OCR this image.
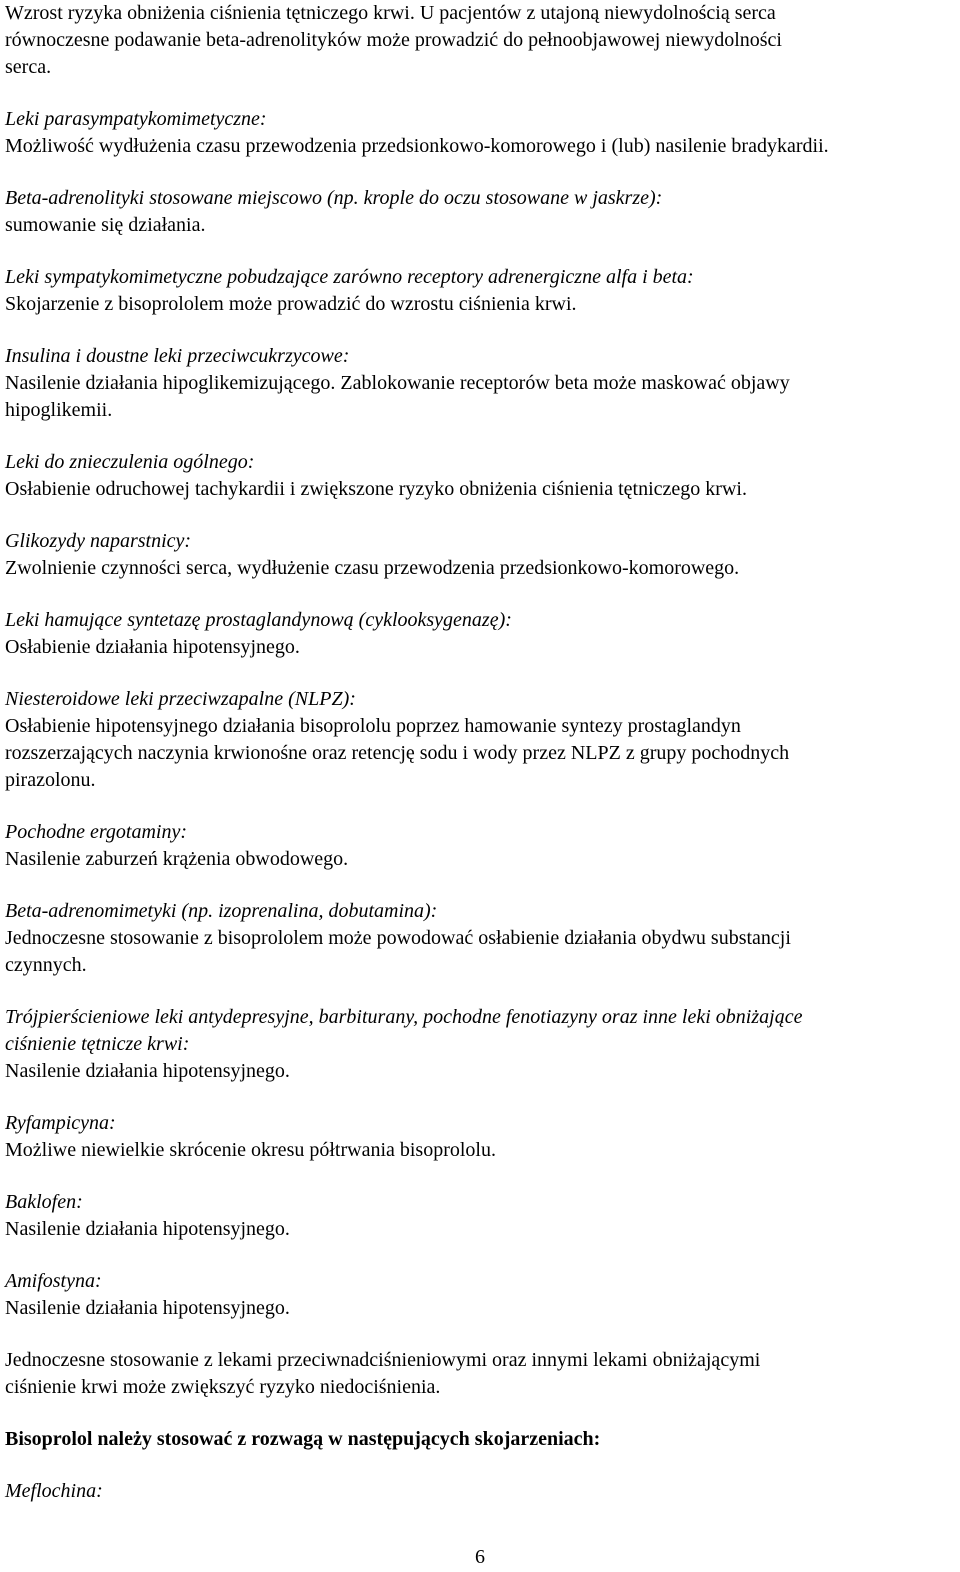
Wzrost ryzyka obniżenia ciśnienia tętniczego krwi. U pacjentów z utajoną niewydolnością serca

równoczesne podawanie beta-adrenolityków może prowadzić do pełnoobjawowej niewydolności

serca.

Leki parasympatykomimetyczne:

Możliwość wydłużenia czasu przewodzenia przedsionkowo-komorowego i (lub) nasilenie bradykardii.

Beta-adrenolityki stosowane miejscowo (np. krople do oczu stosowane w jaskrze):

sumowanie się działania.

Leki sympatykomimetyczne pobudzające zarówno receptory adrenergiczne alfa i beta:

Skojarzenie z bisoprololem może prowadzić do wzrostu ciśnienia krwi.

Insulina i doustne leki przeciwcukrzycowe:

Nasilenie działania hipoglikemizującego. Zablokowanie receptorów beta może maskować objawy

hipoglikemii.

Leki do znieczulenia ogólnego:

Osłabienie odruchowej tachykardii i zwiększone ryzyko obniżenia ciśnienia tętniczego krwi.

Glikozydy naparstnicy:

Zwolnienie czynności serca, wydłużenie czasu przewodzenia przedsionkowo-komorowego.

Leki hamujące syntetazę prostaglandynową (cyklooksygenazę):

Osłabienie działania hipotensyjnego.

Niesteroidowe leki przeciwzapalne (NLPZ):

Osłabienie hipotensyjnego działania bisoprololu poprzez hamowanie syntezy prostaglandyn

rozszerzających naczynia krwionośne oraz retencję sodu i wody przez NLPZ z grupy pochodnych

pirazolonu.

Pochodne ergotaminy:

Nasilenie zaburzeń krążenia obwodowego.

Beta-adrenomimetyki (np. izoprenalina, dobutamina):

Jednoczesne stosowanie z bisoprololem może powodować osłabienie działania obydwu substancji

czynnych.

Trójpierścieniowe leki antydepresyjne, barbiturany, pochodne fenotiazyny oraz inne leki obniżające

ciśnienie tętnicze krwi:

Nasilenie działania hipotensyjnego.

Ryfampicyna:

Możliwe niewielkie skrócenie okresu półtrwania bisoprololu.

Baklofen:

Nasilenie działania hipotensyjnego.

Amifostyna:

Nasilenie działania hipotensyjnego.

Jednoczesne stosowanie z lekami przeciwnadciśnieniowymi oraz innymi lekami obniżającymi

ciśnienie krwi może zwiększyć ryzyko niedociśnienia.

Bisoprolol należy stosować z rozwagą w następujących skojarzeniach:

Meflochina:

6
